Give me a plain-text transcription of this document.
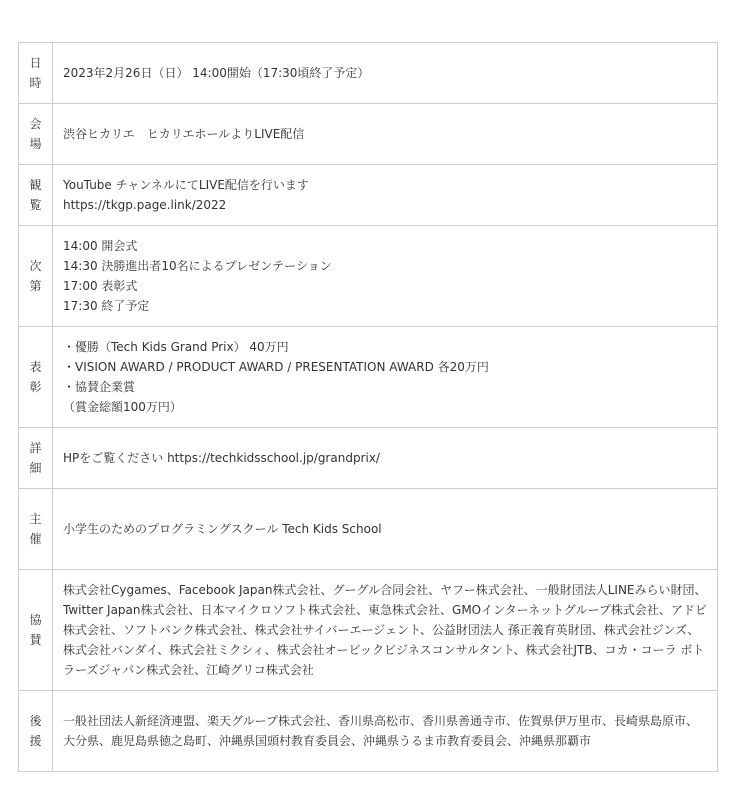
日
時	2023年2月26日（日） 14:00開始（17:30頃終了予定）

会
場	渋谷ヒカリエ　ヒカリエホールよりLIVE配信

観
覧	YouTube チャンネルにてLIVE配信を行います
https://tkgp.page.link/2022

次
第	14:00 開会式
14:30 決勝進出者10名によるプレゼンテーション
17:00 表彰式
17:30 終了予定

表
彰	・優勝（Tech Kids Grand Prix） 40万円
・VISION AWARD / PRODUCT AWARD / PRESENTATION AWARD 各20万円
・協賛企業賞
（賞金総額100万円）

詳
細	HPをご覧ください https://techkidsschool.jp/grandprix/

主
催	小学生のためのプログラミングスクール Tech Kids School

協
賛	株式会社Cygames、Facebook Japan株式会社、グーグル合同会社、ヤフー株式会社、一般財団法人LINEみらい財団、Twitter Japan株式会社、日本マイクロソフト株式会社、東急株式会社、GMOインターネットグループ株式会社、アドビ株式会社、ソフトバンク株式会社、株式会社サイバーエージェント、公益財団法人 孫正義育英財団、株式会社ジンズ、株式会社バンダイ、株式会社ミクシィ、株式会社オービックビジネスコンサルタント、株式会社JTB、コカ・コーラ ボトラーズジャパン株式会社、江崎グリコ株式会社

後
援	一般社団法人新経済連盟、楽天グループ株式会社、香川県高松市、香川県善通寺市、佐賀県伊万里市、長崎県島原市、大分県、鹿児島県徳之島町、沖縄県国頭村教育委員会、沖縄県うるま市教育委員会、沖縄県那覇市
